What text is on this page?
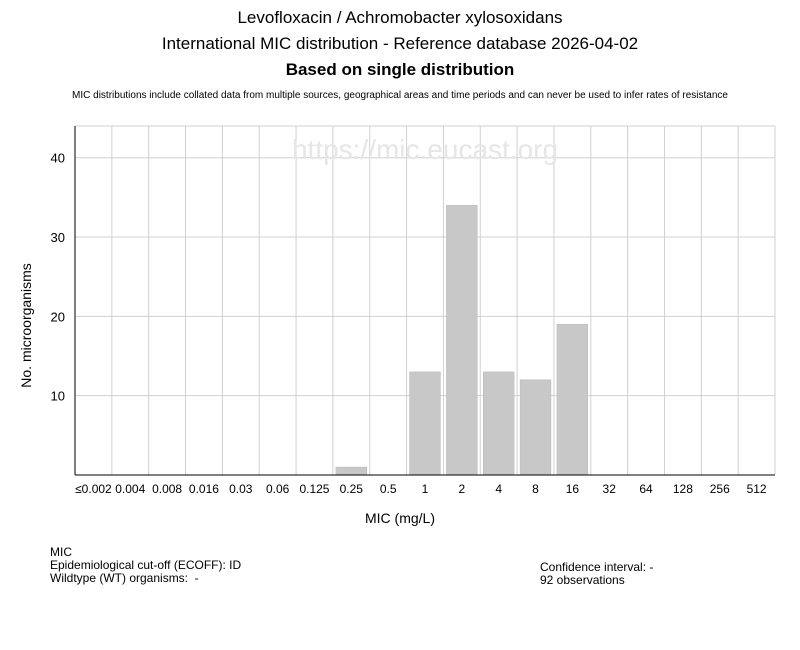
Levofloxacin / Achromobacter xylosoxidans
International MIC distribution - Reference database 2026-04-02
Based on single distribution
MIC distributions include collated data from multiple sources, geographical areas and time periods and can never be used to infer rates of resistance
10
20
30
40	https://mic.eucast.org
≤0.002 0.004 0.008 0.016 0.03 0.06 0.125 0.25 0.5 1	2	4	8 16 32 64 128 256 512
MIC (mg/L)
No. microorganisms
MIC
Epidemiological cut-off (ECOFF): ID
Wildtype (WT) organisms:  -
Confidence interval: -
92 observations
